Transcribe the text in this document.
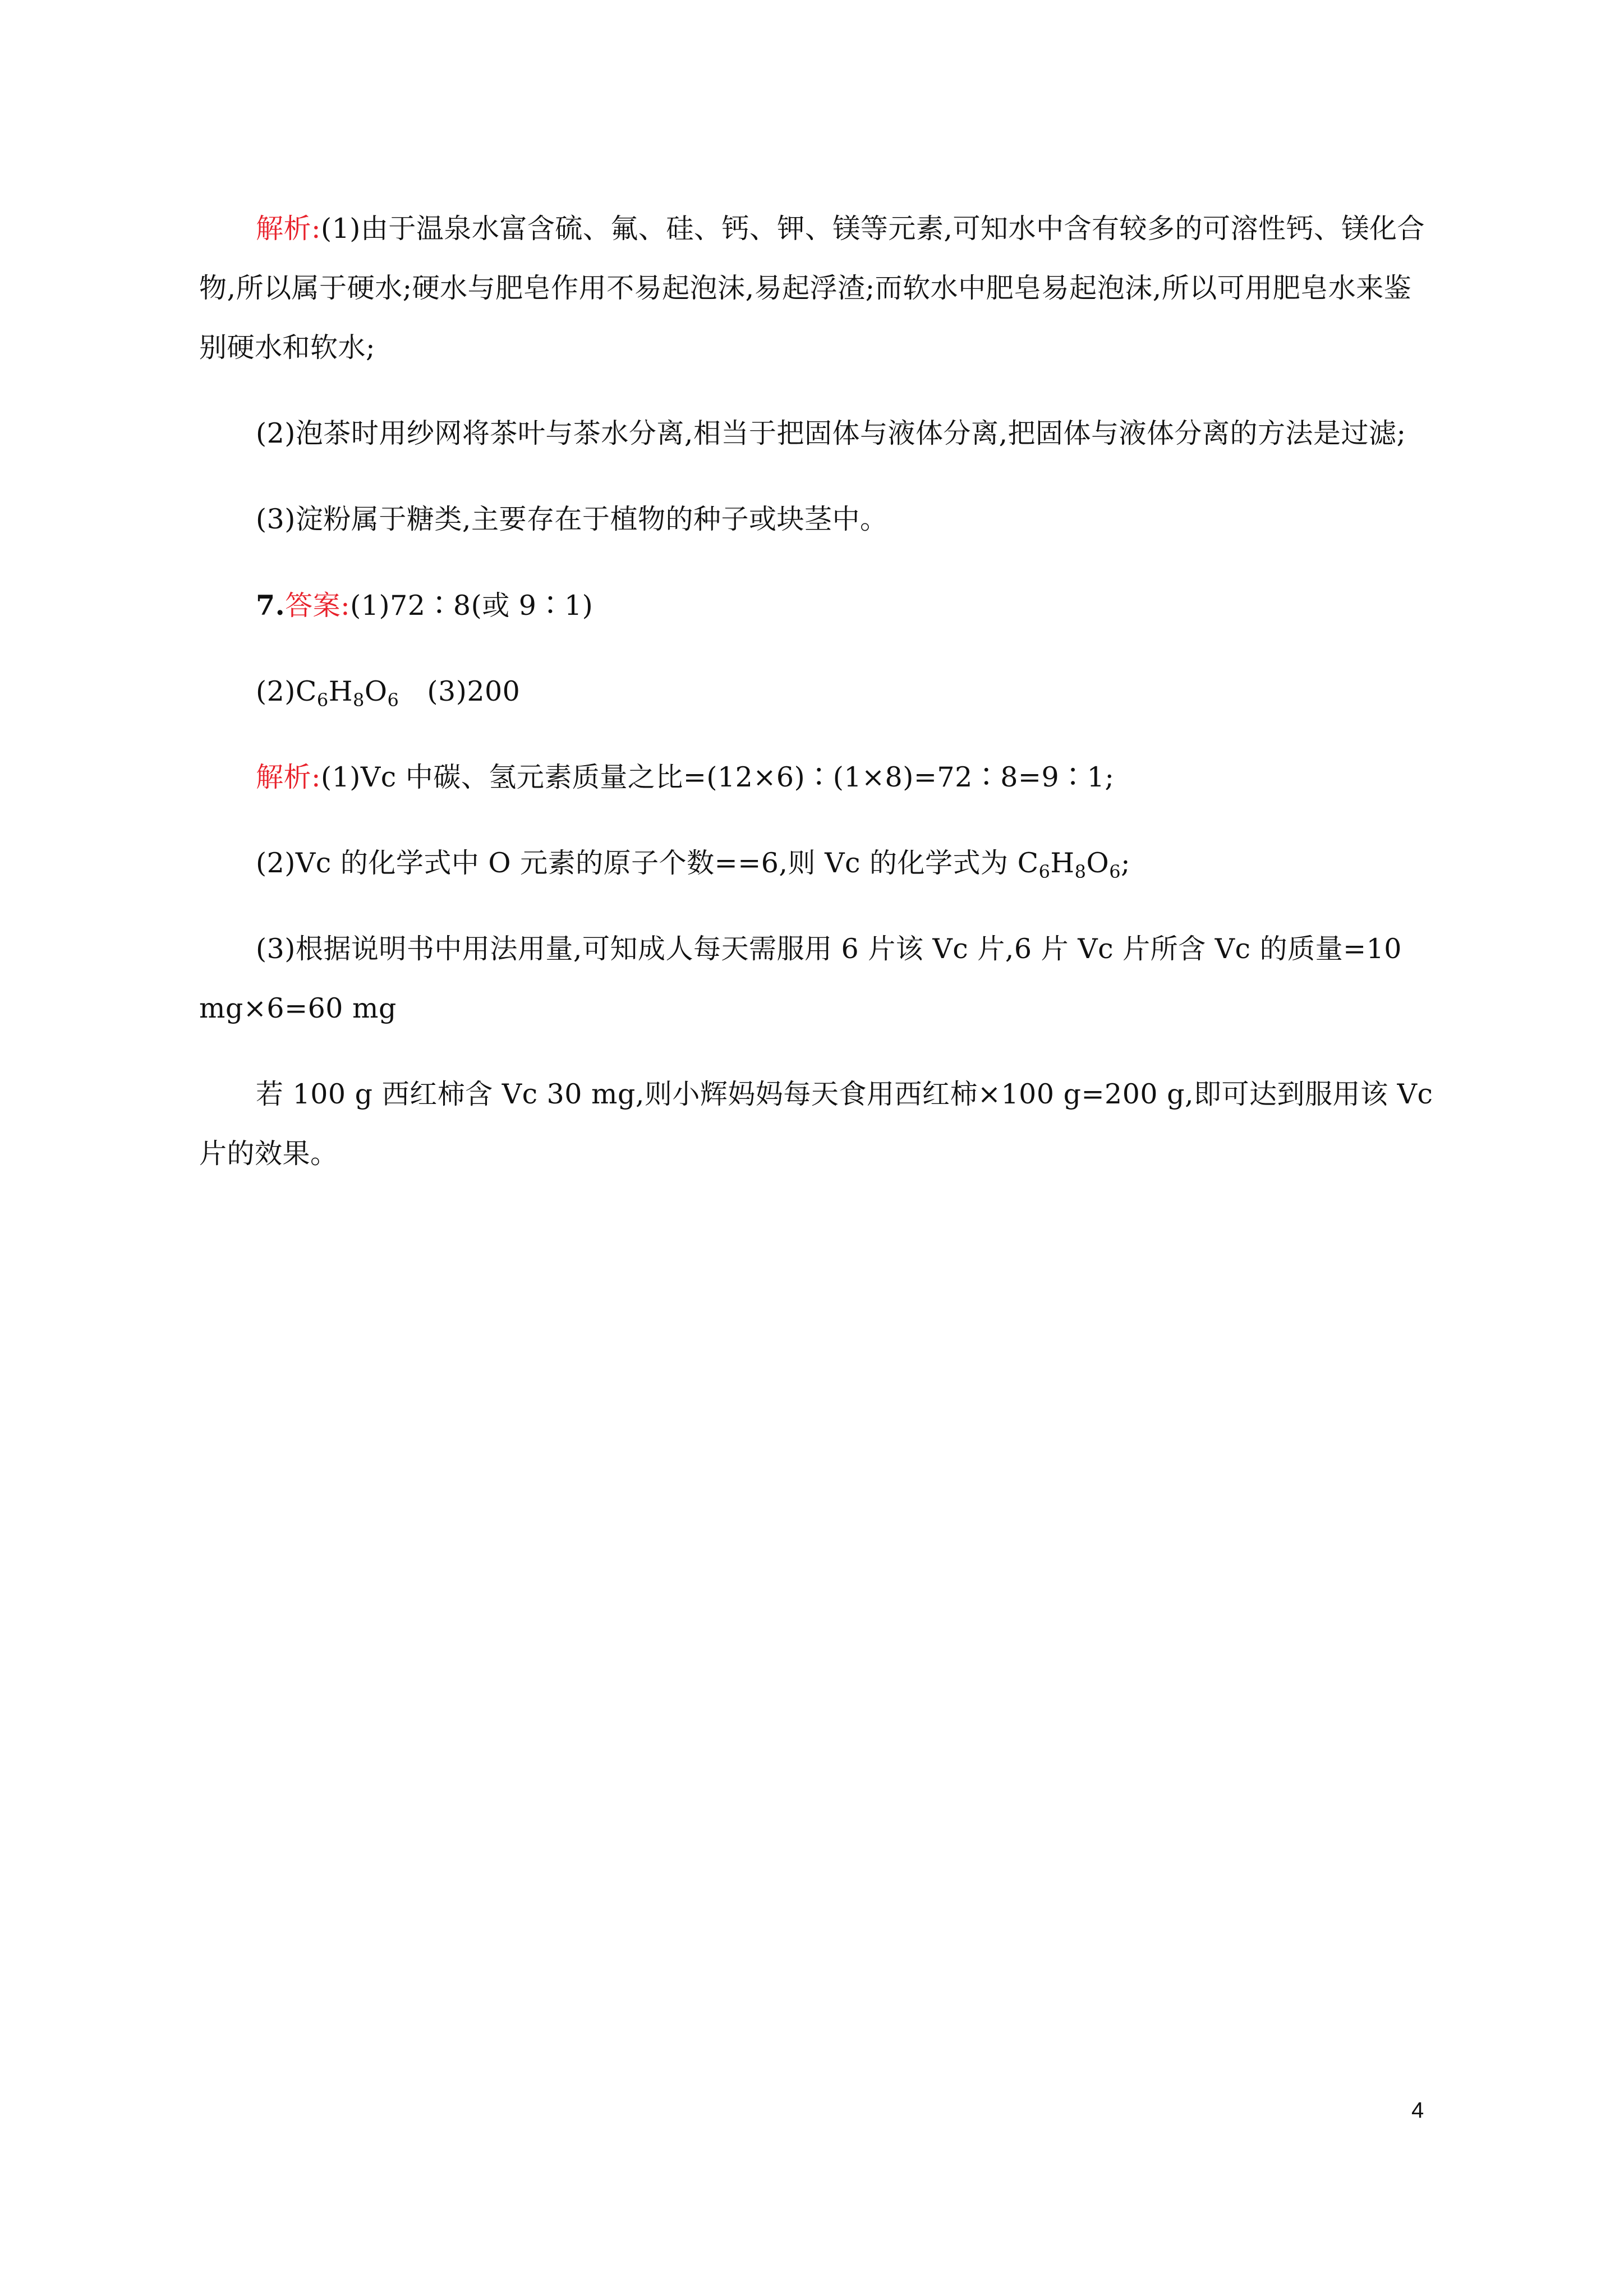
解析:(1)由于温泉水富含硫、氟、硅、钙、钾、镁等元素,可知水中含有较多的可溶性钙、镁化合物,所以属于硬水;硬水与肥皂作用不易起泡沫,易起浮渣;而软水中肥皂易起泡沫,所以可用肥皂水来鉴别硬水和软水;

(2)泡茶时用纱网将茶叶与茶水分离,相当于把固体与液体分离,把固体与液体分离的方法是过滤;

(3)淀粉属于糖类,主要存在于植物的种子或块茎中。

7.答案:(1)72∶8(或 9∶1)

$(2)C_6H_8O_6$ (3)200

解析:(1)Vc 中碳、氢元素质量之比=(12×6)∶(1×8)=72∶8=9∶1;

(2)Vc 的化学式中 O 元素的原子个数==6,则 Vc 的化学式为 $C_6H_8O_6$;

(3)根据说明书中用法用量,可知成人每天需服用 6 片该 Vc 片,6 片 Vc 片所含 Vc 的质量=10 mg×6=60 mg

若 100 g 西红柿含 Vc 30 mg,则小辉妈妈每天食用西红柿×100 g=200 g,即可达到服用该 Vc 片的效果。

4
